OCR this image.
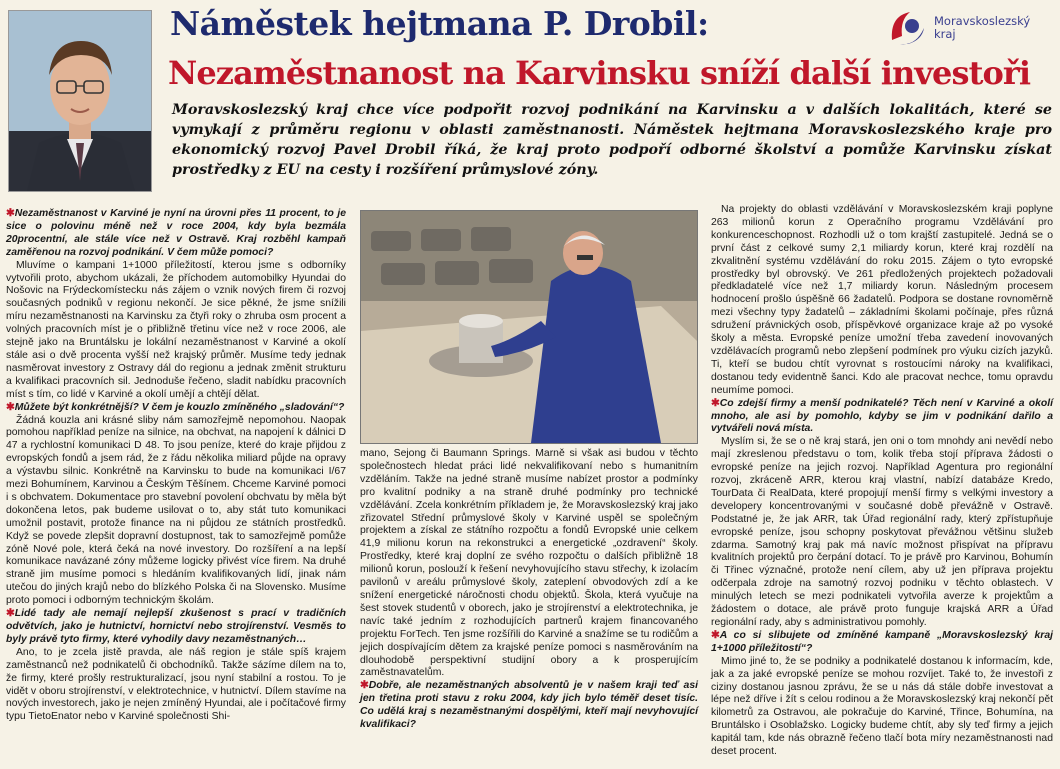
Náměstek hejtmana P. Drobil:
Nezaměstnanost na Karvinsku sníží další investoři
Moravskoslezský
kraj
Moravskoslezský kraj chce více podpořit rozvoj podnikání na Karvinsku a v dalších lokalitách, které se vymykají z průměru regionu v oblasti zaměstnanosti. Náměstek hejtmana Moravskoslezského kraje pro ekonomický rozvoj Pavel Drobil říká, že kraj proto podpoří odborné školství a pomůže Karvinsku získat prostředky z EU na cesty i rozšíření průmyslové zóny.

✱ Nezaměstnanost v Karviné je nyní na úrovni přes 11 procent, to je sice o polovinu méně než v roce 2004, kdy byla bezmála 20procentní, ale stále více než v Ostravě. Kraj rozběhl kampaň zaměřenou na rozvoj podnikání. V čem může pomoci?

Mluvíme o kampani 1+1000 příležitostí, kterou jsme s odborníky vytvořili proto, abychom ukázali, že příchodem automobilky Hyundai do Nošovic na Frýdeckomístecku nás zájem o vznik nových firem či rozvoj současných podniků v regionu nekončí. Je sice pěkné, že jsme snížili míru nezaměstnanosti na Karvinsku za čtyři roky o zhruba osm procent a volných pracovních míst je o přibližně třetinu více než v roce 2006, ale stejně jako na Bruntálsku je lokální nezaměstnanost v Karviné a okolí stále asi o dvě procenta vyšší než krajský průměr. Musíme tedy jednak nasměrovat investory z Ostravy dál do regionu a jednak změnit strukturu a kvalifikaci pracovních sil. Jednoduše řečeno, sladit nabídku pracovních míst s tím, co lidé v Karviné a okolí umějí a chtějí dělat.

✱ Můžete být konkrétnější? V čem je kouzlo zmíněného „sladování“?

Žádná kouzla ani krásné sliby nám samozřejmě nepomohou. Naopak pomohou například peníze na silnice, na obchvat, na napojení k dálnici D 47 a rychlostní komunikaci D 48. To jsou peníze, které do kraje přijdou z evropských fondů a jsem rád, že z řádu několika miliard půjde na opravy a výstavbu silnic. Konkrétně na Karvinsku to bude na komunikaci I/67 mezi Bohumínem, Karvinou a Českým Těšínem. Chceme Karviné pomoci i s obchvatem. Dokumentace pro stavební povolení obchvatu by měla být dokončena letos, pak budeme usilovat o to, aby stát tuto komunikaci umožnil postavit, protože finance na ni půjdou ze státních prostředků. Když se povede zlepšit dopravní dostupnost, tak to samozřejmě pomůže zóně Nové pole, která čeká na nové investory. Do rozšíření a na lepší komunikace navázané zóny můžeme logicky přivést více firem. Na druhé straně jim musíme pomoci s hledáním kvalifikovaných lidí, jinak nám utečou do jiných krajů nebo do blízkého Polska či na Slovensko. Musíme proto pomoci i odborným technickým školám.

✱ Lidé tady ale nemají nejlepší zkušenost s prací v tradičních odvětvích, jako je hutnictví, hornictví nebo strojírenství. Vesměs to byly právě tyto firmy, které vyhodily davy nezaměstnaných…

Ano, to je zcela jistě pravda, ale náš region je stále spíš krajem zaměstnanců než podnikatelů či obchodníků. Takže sázíme dílem na to, že firmy, které prošly restrukturalizací, jsou nyní stabilní a rostou. To je vidět v oboru strojírenství, v elektrotechnice, v hutnictví. Dílem stavíme na nových investorech, jako je nejen zmíněný Hyundai, ale i počítačové firmy typu TietoEnator nebo v Karviné společnosti Shi-

mano, Sejong či Baumann Springs. Marně si však asi budou v těchto společnostech hledat práci lidé nekvalifikovaní nebo s humanitním vzděláním. Takže na jedné straně musíme nabízet prostor a podmínky pro kvalitní podniky a na straně druhé podmínky pro technické vzdělávání. Zcela konkrétním příkladem je, že Moravskoslezský kraj jako zřizovatel Střední průmyslové školy v Karviné uspěl se společným projektem a získal ze státního rozpočtu a fondů Evropské unie celkem 41,9 milionu korun na rekonstrukci a energetické „ozdravení“ školy. Prostředky, které kraj doplní ze svého rozpočtu o dalších přibližně 18 milionů korun, poslouží k řešení nevyhovujícího stavu střechy, k izolacím pavilonů v areálu průmyslové školy, zateplení obvodových zdí a ke snížení energetické náročnosti chodu objektů. Škola, která vyučuje na šest stovek studentů v oborech, jako je strojírenství a elektrotechnika, je navíc také jedním z rozhodujících partnerů krajem financovaného projektu ForTech. Ten jsme rozšířili do Karviné a snažíme se tu rodičům a jejich dospívajícím dětem za krajské peníze pomoci s nasměrováním na dlouhodobě perspektivní studijní obory a k prosperujícím zaměstnavatelům.

✱ Dobře, ale nezaměstnaných absolventů je v našem kraji teď asi jen třetina proti stavu z roku 2004, kdy jich bylo téměř deset tisíc. Co udělá kraj s nezaměstnanými dospělými, kteří mají nevyhovující kvalifikaci?

Na projekty do oblasti vzdělávání v Moravskoslezském kraji poplyne 263 milionů korun z Operačního programu Vzdělávání pro konkurenceschopnost. Rozhodli už o tom krajští zastupitelé. Jedná se o první část z celkové sumy 2,1 miliardy korun, které kraj rozdělí na zkvalitnění systému vzdělávání do roku 2015. Zájem o tyto evropské prostředky byl obrovský. Ve 261 předložených projektech požadovali předkladatelé více než 1,7 miliardy korun. Následným procesem hodnocení prošlo úspěšně 66 žadatelů. Podpora se dostane rovnoměrně mezi všechny typy žadatelů – základními školami počínaje, přes různá sdružení právnických osob, příspěvkové organizace kraje až po vysoké školy a města. Evropské peníze umožní třeba zavedení inovovaných vzdělávacích programů nebo zlepšení podmínek pro výuku cizích jazyků. Ti, kteří se budou chtít vyrovnat s rostoucími nároky na kvalifikaci, dostanou tedy evidentně šanci. Kdo ale pracovat nechce, tomu opravdu neumíme pomoci.

✱ Co zdejší firmy a menší podnikatelé? Těch není v Karviné a okolí mnoho, ale asi by pomohlo, kdyby se jim v podnikání dařilo a vytvářeli nová místa.

Myslím si, že se o ně kraj stará, jen oni o tom mnohdy ani nevědí nebo mají zkreslenou představu o tom, kolik třeba stojí příprava žádosti o evropské peníze na jejich rozvoj. Například Agentura pro regionální rozvoj, zkráceně ARR, kterou kraj vlastní, nabízí databáze Kredo, TourData či RealData, které propojují menší firmy s velkými investory a developery koncentrovanými v současné době převážně v Ostravě. Podstatné je, že jak ARR, tak Úřad regionální rady, který zpřístupňuje evropské peníze, jsou schopny poskytovat převážnou většinu služeb zdarma. Samotný kraj pak má navíc možnost přispívat na přípravu kvalitních projektů pro čerpání dotací. To je právě pro Karvinou, Bohumín či Třinec význačné, protože není cílem, aby už jen příprava projektu odčerpala zdroje na samotný rozvoj podniku v těchto oblastech. V minulých letech se mezi podnikateli vytvořila averze k projektům a žádostem o dotace, ale právě proto funguje krajská ARR a Úřad regionální rady, aby s administrativou pomohly.

✱ A co si slibujete od zmíněné kampaně „Moravskoslezský kraj 1+1000 příležitostí“?

Mimo jiné to, že se podniky a podnikatelé dostanou k informacím, kde, jak a za jaké evropské peníze se mohou rozvíjet. Také to, že investoři z ciziny dostanou jasnou zprávu, že se u nás dá stále dobře investovat a lépe než dříve i žít s celou rodinou a že Moravskoslezský kraj nekončí pět kilometrů za Ostravou, ale pokračuje do Karviné, Třince, Bohumína, na Bruntálsko i Osoblažsko. Logicky budeme chtít, aby sly teď firmy a jejich kapitál tam, kde nás obrazně řečeno tlačí bota míry nezaměstnanosti nad deset procent.
